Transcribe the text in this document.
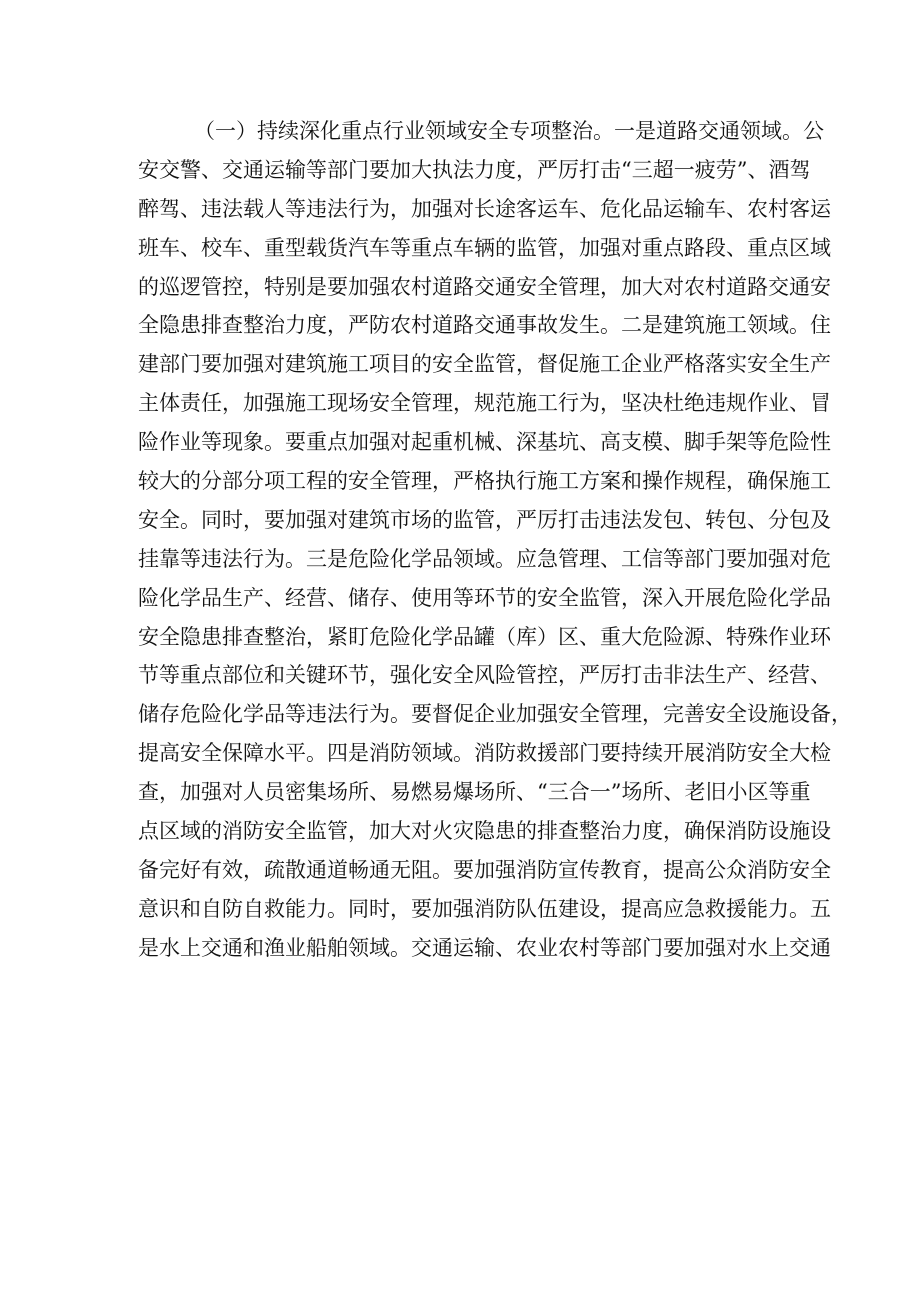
（一）持续深化重点行业领域安全专项整治。一是道路交通领域。公
安交警、交通运输等部门要加大执法力度，严厉打击“三超一疲劳”、酒驾
醉驾、违法载人等违法行为，加强对长途客运车、危化品运输车、农村客运
班车、校车、重型载货汽车等重点车辆的监管，加强对重点路段、重点区域
的巡逻管控，特别是要加强农村道路交通安全管理，加大对农村道路交通安
全隐患排查整治力度，严防农村道路交通事故发生。二是建筑施工领域。住
建部门要加强对建筑施工项目的安全监管，督促施工企业严格落实安全生产
主体责任，加强施工现场安全管理，规范施工行为，坚决杜绝违规作业、冒
险作业等现象。要重点加强对起重机械、深基坑、高支模、脚手架等危险性
较大的分部分项工程的安全管理，严格执行施工方案和操作规程，确保施工
安全。同时，要加强对建筑市场的监管，严厉打击违法发包、转包、分包及
挂靠等违法行为。三是危险化学品领域。应急管理、工信等部门要加强对危
险化学品生产、经营、储存、使用等环节的安全监管，深入开展危险化学品
安全隐患排查整治，紧盯危险化学品罐（库）区、重大危险源、特殊作业环
节等重点部位和关键环节，强化安全风险管控，严厉打击非法生产、经营、
储存危险化学品等违法行为。要督促企业加强安全管理，完善安全设施设备，
提高安全保障水平。四是消防领域。消防救援部门要持续开展消防安全大检
查，加强对人员密集场所、易燃易爆场所、“三合一”场所、老旧小区等重
点区域的消防安全监管，加大对火灾隐患的排查整治力度，确保消防设施设
备完好有效，疏散通道畅通无阻。要加强消防宣传教育，提高公众消防安全
意识和自防自救能力。同时，要加强消防队伍建设，提高应急救援能力。五
是水上交通和渔业船舶领域。交通运输、农业农村等部门要加强对水上交通
